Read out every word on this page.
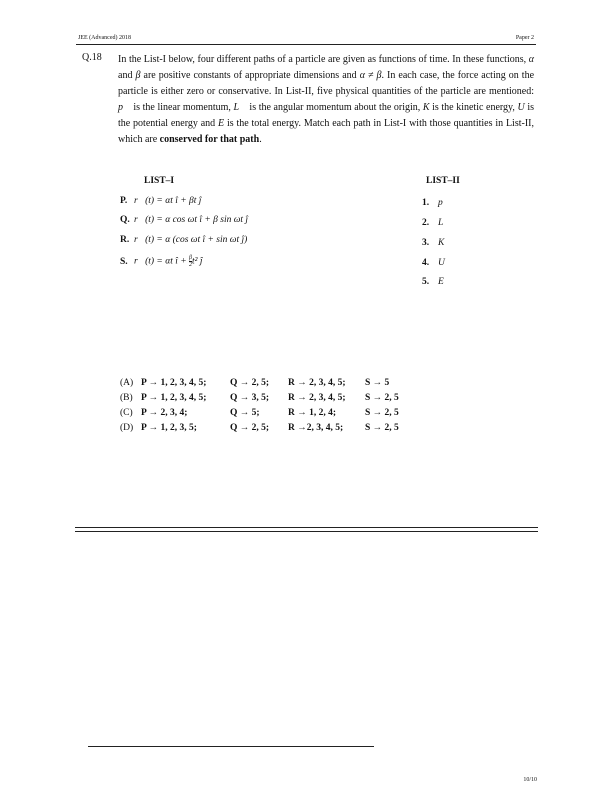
JEE (Advanced) 2018	Paper 2
Q.18 In the List-I below, four different paths of a particle are given as functions of time. In these functions, α and β are positive constants of appropriate dimensions and α ≠ β. In each case, the force acting on the particle is either zero or conservative. In List-II, five physical quantities of the particle are mentioned: p⃗ is the linear momentum, L⃗ is the angular momentum about the origin, K is the kinetic energy, U is the potential energy and E is the total energy. Match each path in List-I with those quantities in List-II, which are conserved for that path.

LIST–I	LIST–II
P. r⃗(t) = αt î + βt ĵ
Q. r⃗(t) = α cos ωt î + β sin ωt ĵ
R. r⃗(t) = α (cos ωt î + sin ωt ĵ)
S. r⃗(t) = αt î + $\frac{\beta}{2} t^2$ ĵ
1. p⃗
2. L⃗
3. K
4. U
5. E
(A) P → 1, 2, 3, 4, 5; Q → 2, 5; R → 2, 3, 4, 5; S → 5
(B) P → 1, 2, 3, 4, 5; Q → 3, 5; R → 2, 3, 4, 5; S → 2, 5
(C) P → 2, 3, 4;	Q → 5;	R → 1, 2, 4;	S → 2, 5
(D) P → 1, 2, 3, 5;	Q → 2, 5; R →2, 3, 4, 5; S → 2, 5
10/10
